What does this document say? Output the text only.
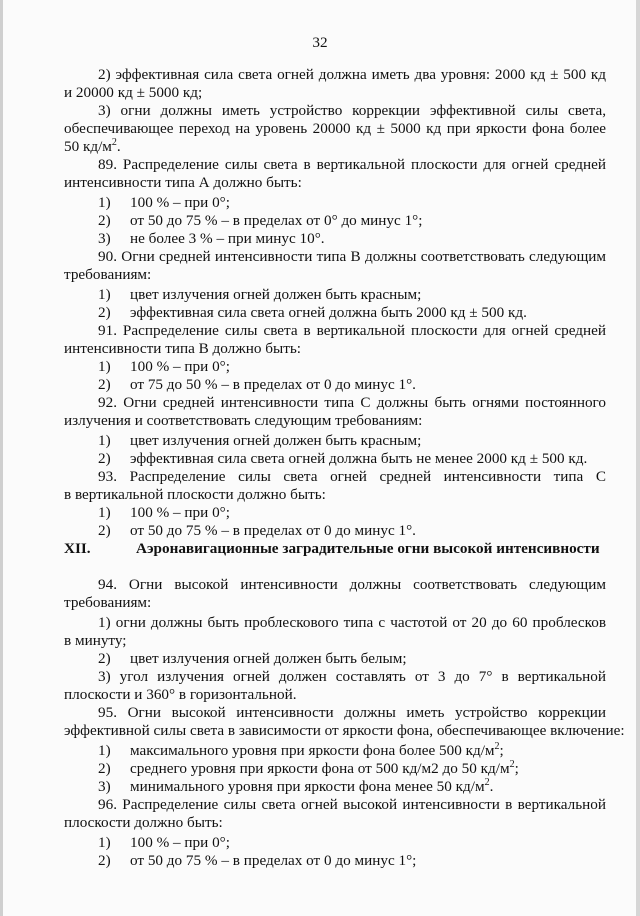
32
2) эффективная сила света огней должна иметь два уровня: 2000 кд ± 500 кд
и 20000 кд ± 5000 кд;
3) огни должны иметь устройство коррекции эффективной силы света,
обеспечивающее переход на уровень 20000 кд ± 5000 кд при яркости фона более
50 $кд/м^2$.
89. Распределение силы света в вертикальной плоскости для огней средней
интенсивности типа А должно быть:
1) 100 % – при 0°;
2) от 50 до 75 % – в пределах от 0° до минус 1°;
3) не более 3 % – при минус 10°.
90. Огни средней интенсивности типа В должны соответствовать следующим
требованиям:
1) цвет излучения огней должен быть красным;
2) эффективная сила света огней должна быть 2000 кд ± 500 кд.
91. Распределение силы света в вертикальной плоскости для огней средней
интенсивности типа В должно быть:
1) 100 % – при 0°;
2) от 75 до 50 % – в пределах от 0 до минус 1°.
92. Огни средней интенсивности типа С должны быть огнями постоянного
излучения и соответствовать следующим требованиям:
1) цвет излучения огней должен быть красным;
2) эффективная сила света огней должна быть не менее 2000 кд ± 500 кд.
93. Распределение силы света огней средней интенсивности типа С
в вертикальной плоскости должно быть:
1) 100 % – при 0°;
2) от 50 до 75 % – в пределах от 0 до минус 1°.
XII.	Аэронавигационные заградительные огни высокой интенсивности
94. Огни высокой интенсивности должны соответствовать следующим
требованиям:
1) огни должны быть проблескового типа с частотой от 20 до 60 проблесков
в минуту;
2) цвет излучения огней должен быть белым;
3) угол излучения огней должен составлять от 3 до 7° в вертикальной
плоскости и 360° в горизонтальной.
95. Огни высокой интенсивности должны иметь устройство коррекции
эффективной силы света в зависимости от яркости фона, обеспечивающее включение:
1) максимального уровня при яркости фона более 500 $кд/м^2$;
2) среднего уровня при яркости фона от 500 кд/м2 до 50 $кд/м^2$;
3) минимального уровня при яркости фона менее 50 $кд/м^2$.
96. Распределение силы света огней высокой интенсивности в вертикальной
плоскости должно быть:
1) 100 % – при 0°;
2) от 50 до 75 % – в пределах от 0 до минус 1°;
